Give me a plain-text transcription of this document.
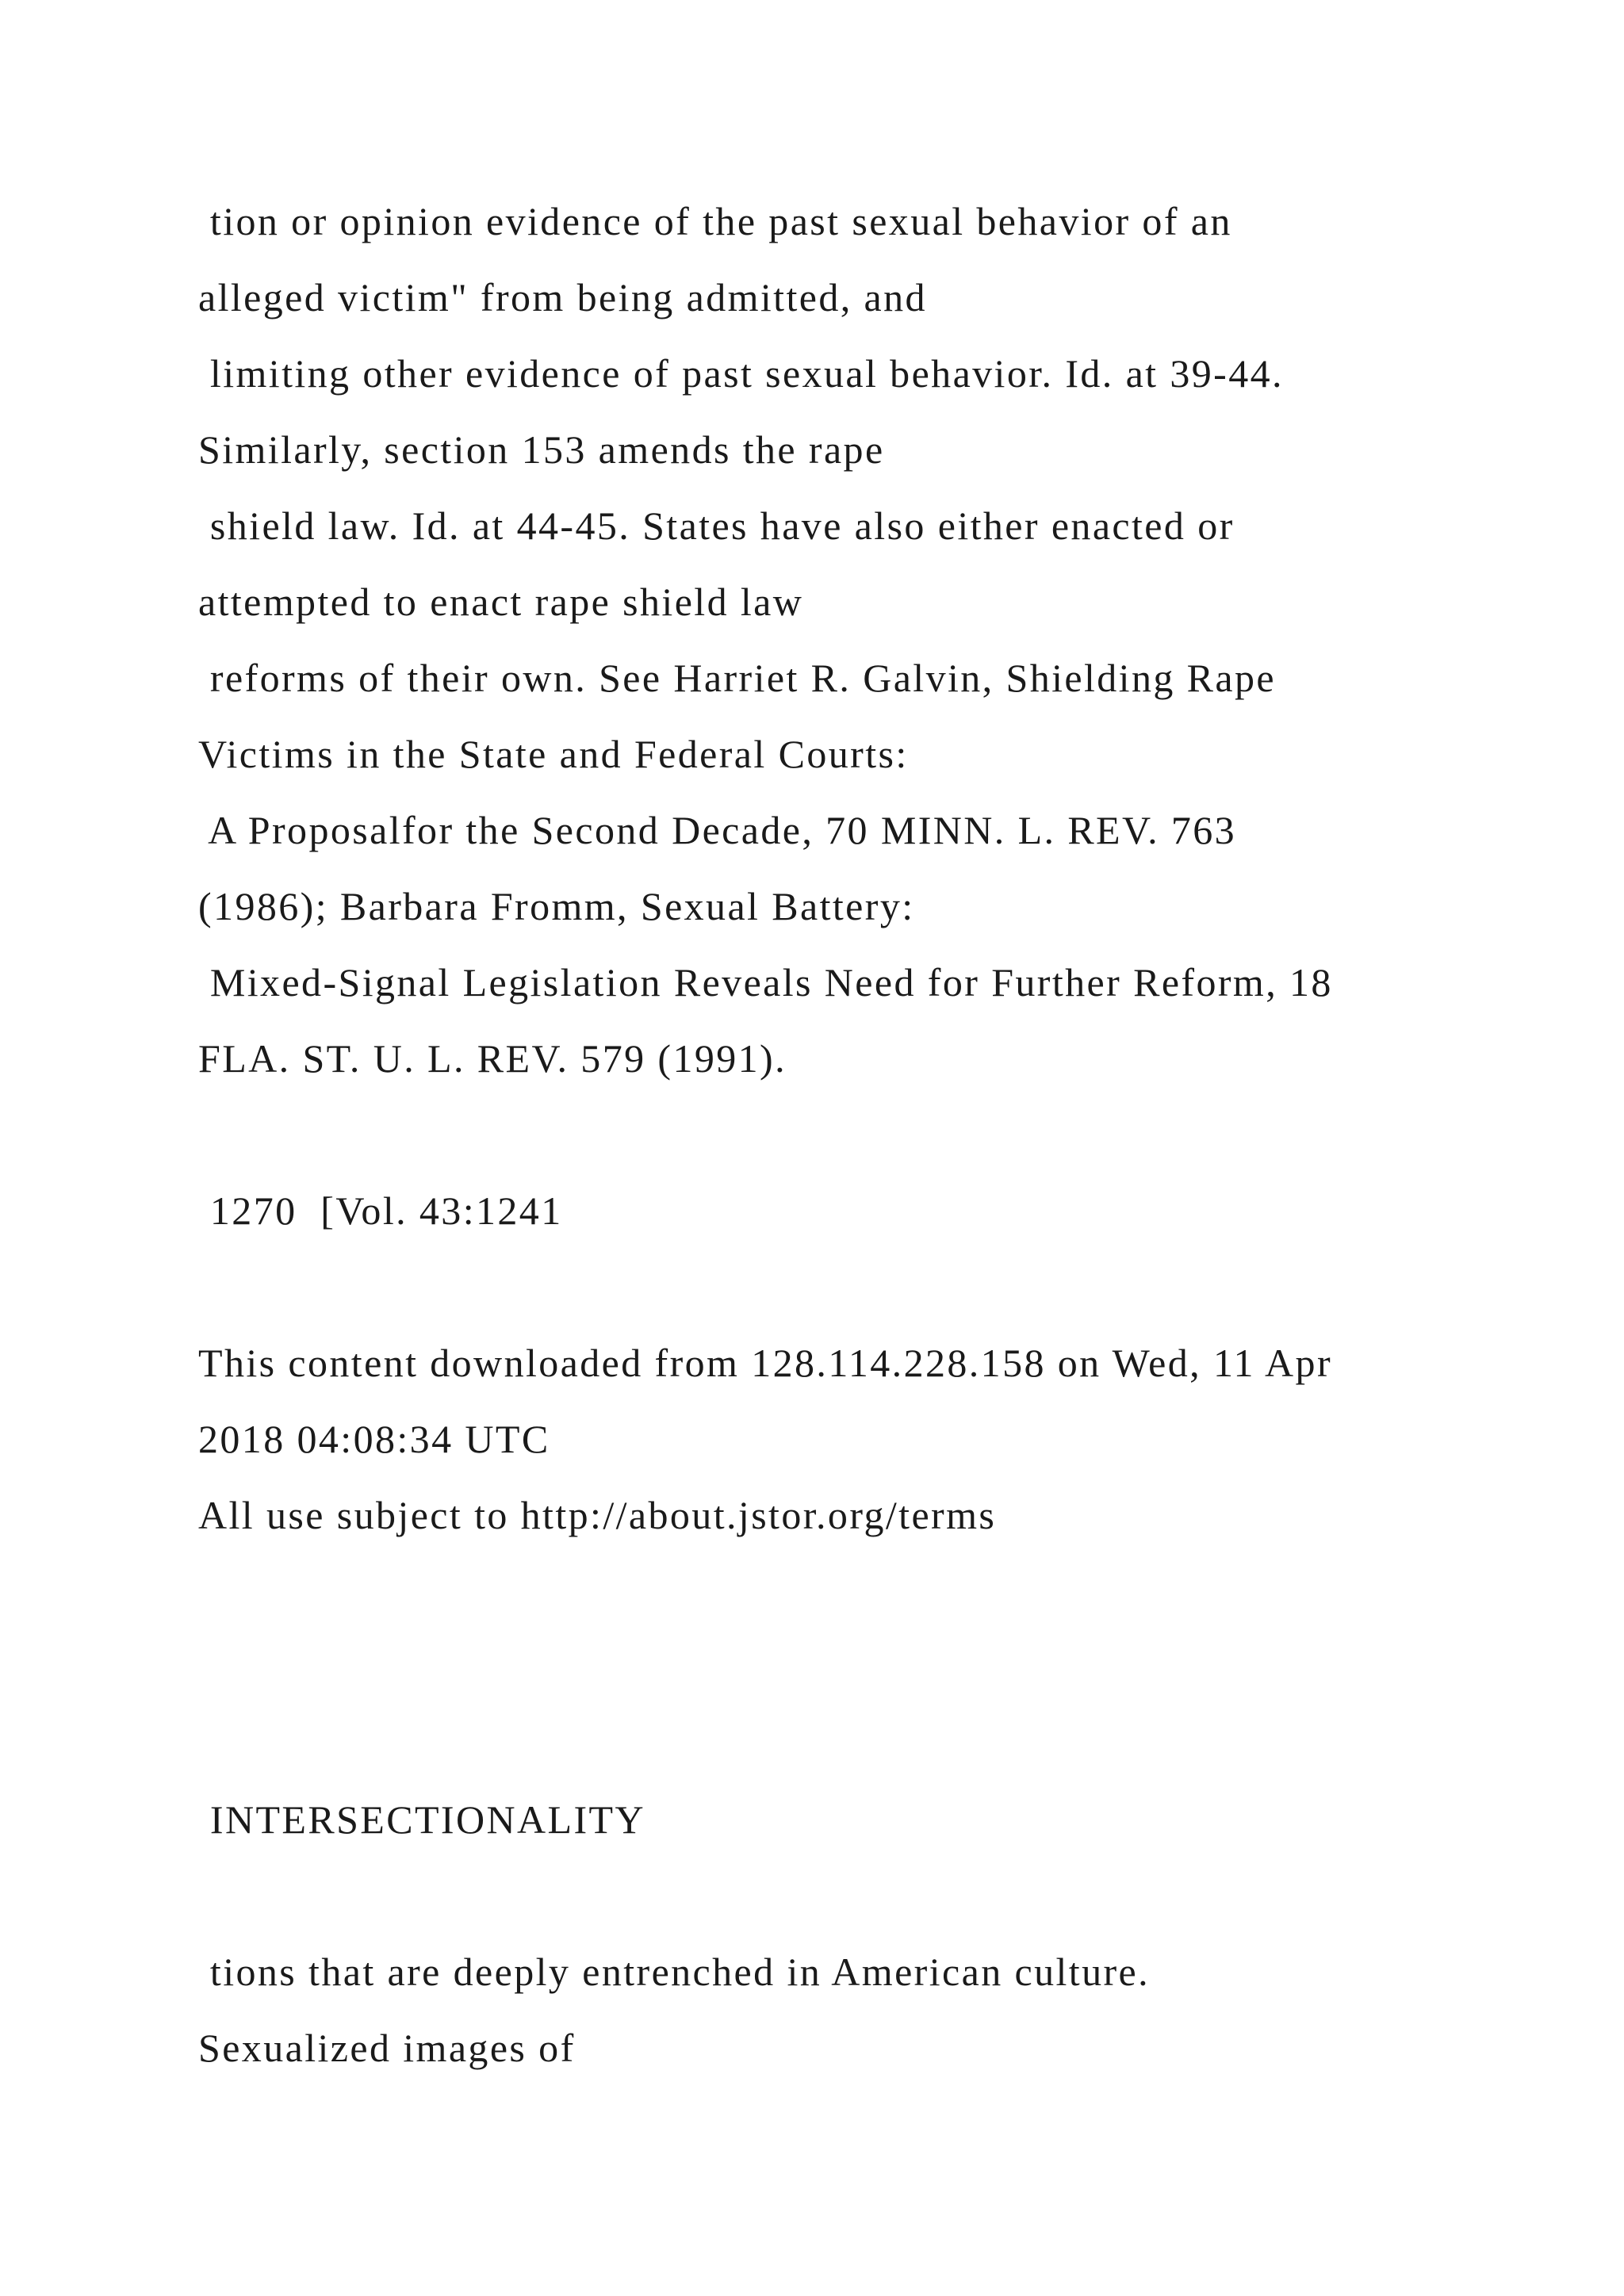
tion or opinion evidence of the past sexual behavior of an
alleged victim" from being admitted, and
limiting other evidence of past sexual behavior. Id. at 39-44.
Similarly, section 153 amends the rape
shield law. Id. at 44-45. States have also either enacted or
attempted to enact rape shield law
reforms of their own. See Harriet R. Galvin, Shielding Rape
Victims in the State and Federal Courts:
A Proposalfor the Second Decade, 70 MINN. L. REV. 763
(1986); Barbara Fromm, Sexual Battery:
Mixed-Signal Legislation Reveals Need for Further Reform, 18
FLA. ST. U. L. REV. 579 (1991).
1270  [Vol. 43:1241
This content downloaded from 128.114.228.158 on Wed, 11 Apr
2018 04:08:34 UTC
All use subject to http://about.jstor.org/terms
INTERSECTIONALITY
tions that are deeply entrenched in American culture.
Sexualized images of
